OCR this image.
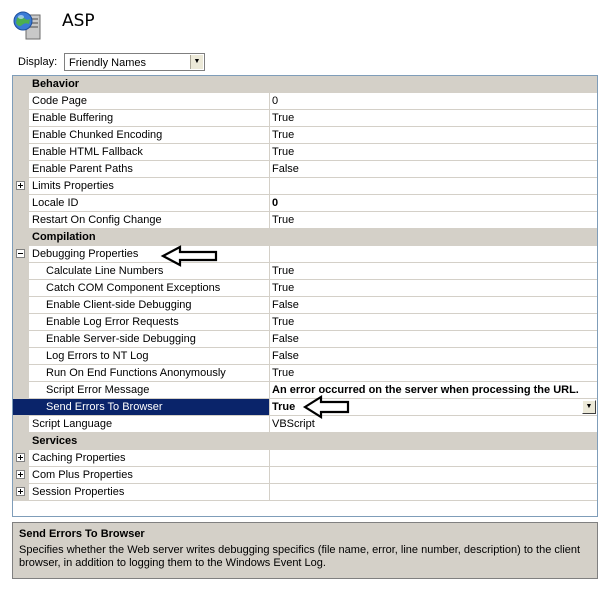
ASP
Display: Friendly Names	▼
Behavior
Code Page	0
Enable Buffering	True
Enable Chunked Encoding	True
Enable HTML Fallback	True
Enable Parent Paths	False
Limits Properties
Locale ID	0
Restart On Config Change	True
Compilation
Debugging Properties
Calculate Line Numbers	True
Catch COM Component Exceptions	True
Enable Client-side Debugging	False
Enable Log Error Requests	True
Enable Server-side Debugging	False
Log Errors to NT Log	False
Run On End Functions Anonymously	True
Script Error Message	An error occurred on the server when processing the URL.
Send Errors To Browser	True	▼
Script Language	VBScript
Services
Caching Properties
Com Plus Properties
Session Properties
Send Errors To Browser
Specifies whether the Web server writes debugging specifics (file name, error, line number, description) to the client browser, in addition to logging them to the Windows Event Log.
